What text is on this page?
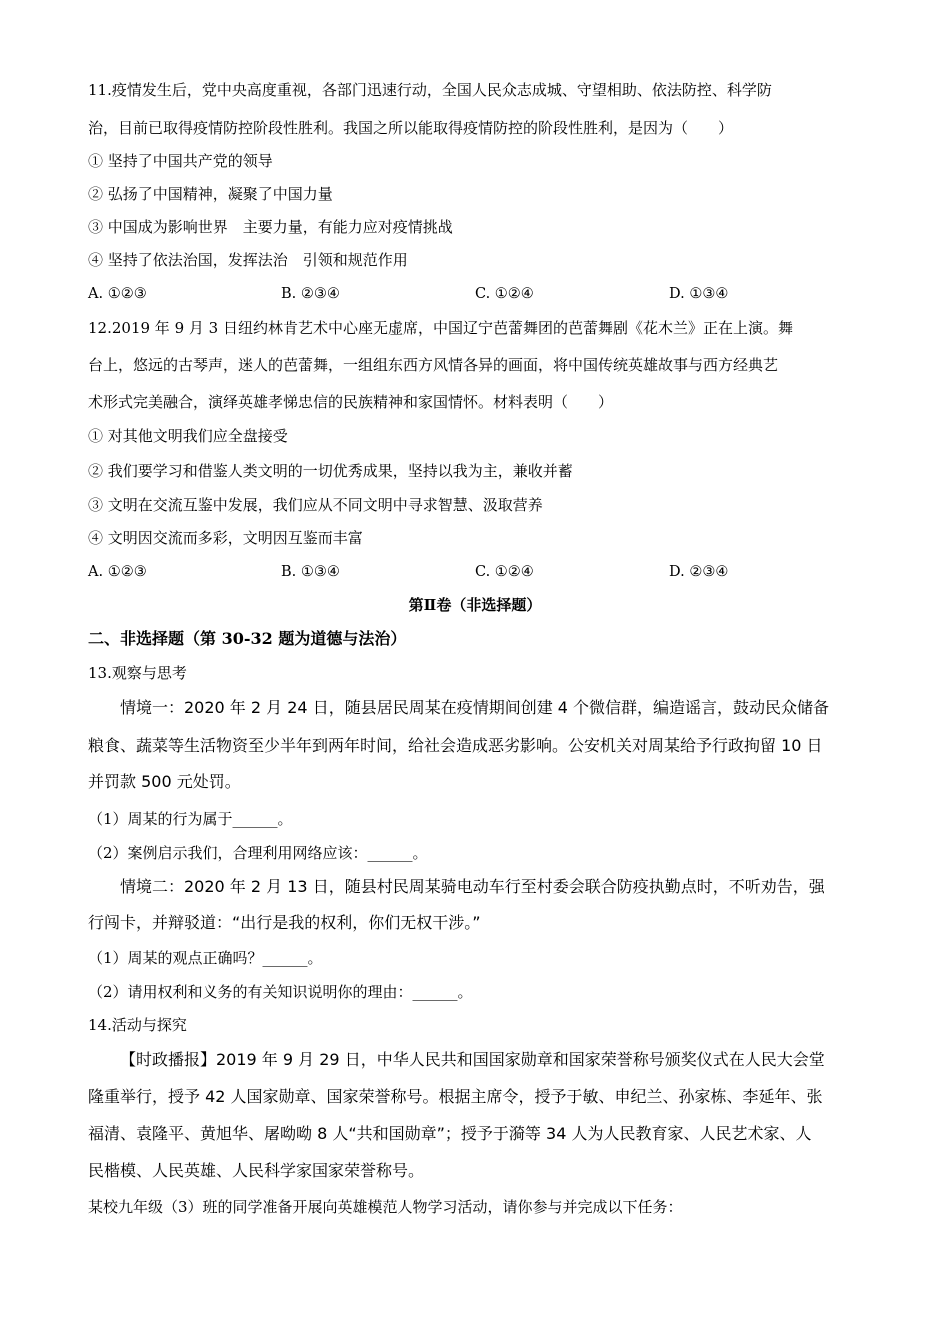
11.疫情发生后，党中央高度重视，各部门迅速行动，全国人民众志成城、守望相助、依法防控、科学防
治，目前已取得疫情防控阶段性胜利。我国之所以能取得疫情防控的阶段性胜利，是因为（　　）
① 坚持了中国共产党的领导
② 弘扬了中国精神，凝聚了中国力量
③ 中国成为影响世界　主要力量，有能力应对疫情挑战
④ 坚持了依法治国，发挥法治　引领和规范作用
A. ①②③	B. ②③④	C. ①②④	D. ①③④
12.2019 年 9 月 3 日纽约林肯艺术中心座无虚席，中国辽宁芭蕾舞团的芭蕾舞剧《花木兰》正在上演。舞
台上，悠远的古琴声，迷人的芭蕾舞，一组组东西方风情各异的画面，将中国传统英雄故事与西方经典艺
术形式完美融合，演绎英雄孝悌忠信的民族精神和家国情怀。材料表明（　　）
① 对其他文明我们应全盘接受
② 我们要学习和借鉴人类文明的一切优秀成果，坚持以我为主，兼收并蓄
③ 文明在交流互鉴中发展，我们应从不同文明中寻求智慧、汲取营养
④ 文明因交流而多彩，文明因互鉴而丰富
A. ①②③	B. ①③④	C. ①②④	D. ②③④
第Ⅱ卷（非选择题）
二、非选择题（第 30-32 题为道德与法治）
13.观察与思考
情境一：2020 年 2 月 24 日，随县居民周某在疫情期间创建 4 个微信群，编造谣言，鼓动民众储备
粮食、蔬菜等生活物资至少半年到两年时间，给社会造成恶劣影响。公安机关对周某给予行政拘留 10 日
并罚款 500 元处罚。
（1）周某的行为属于______。
（2）案例启示我们，合理利用网络应该：______。
情境二：2020 年 2 月 13 日，随县村民周某骑电动车行至村委会联合防疫执勤点时，不听劝告，强
行闯卡，并辩驳道：“出行是我的权利，你们无权干涉。”
（1）周某的观点正确吗？______。
（2）请用权利和义务的有关知识说明你的理由：______。
14.活动与探究
【时政播报】2019 年 9 月 29 日，中华人民共和国国家勋章和国家荣誉称号颁奖仪式在人民大会堂
隆重举行，授予 42 人国家勋章、国家荣誉称号。根据主席令，授予于敏、申纪兰、孙家栋、李延年、张
福清、袁隆平、黄旭华、屠呦呦 8 人“共和国勋章”；授予于漪等 34 人为人民教育家、人民艺术家、人
民楷模、人民英雄、人民科学家国家荣誉称号。
某校九年级（3）班的同学准备开展向英雄模范人物学习活动，请你参与并完成以下任务：
